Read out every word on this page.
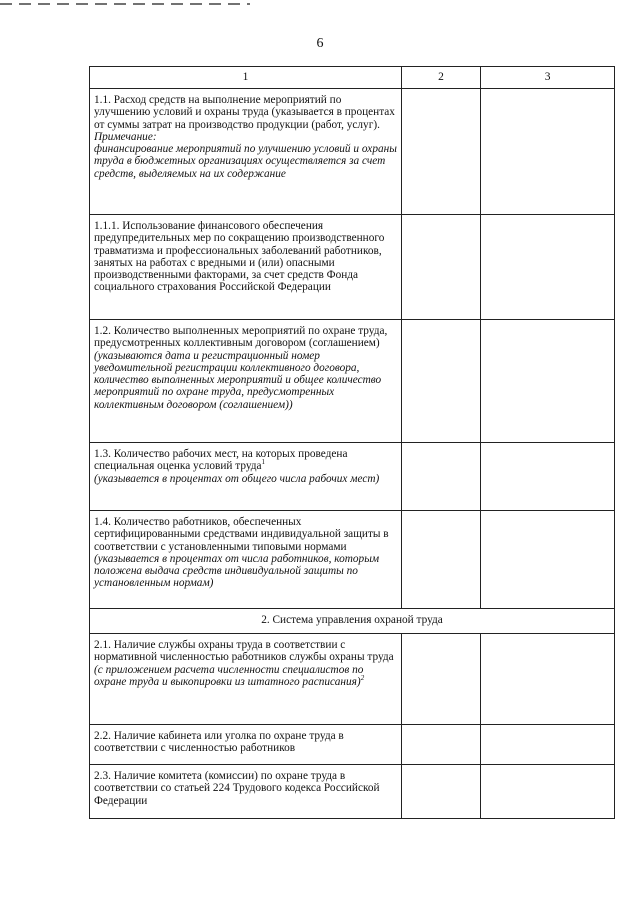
6
1	2	3

1.1. Расход средств на выполнение мероприятий по улучшению условий и охраны труда (указывается в процентах от суммы затрат на производство продукции (работ, услуг).
Примечание:
финансирование мероприятий по улучшению условий и охраны труда в бюджетных организациях осуществляется за счет средств, выделяемых на их содержание		

1.1.1. Использование финансового обеспечения предупредительных мер по сокращению производственного травматизма и профессиональных заболеваний работников, занятых на работах с вредными и (или) опасными производственными факторами, за счет средств Фонда социального страхования Российской Федерации		

1.2. Количество выполненных мероприятий по охране труда, предусмотренных коллективным договором (соглашением)
(указываются дата и регистрационный номер уведомительной регистрации коллективного договора, количество выполненных мероприятий и общее количество мероприятий по охране труда, предусмотренных коллективным договором (соглашением))		

1.3. Количество рабочих мест, на которых проведена специальная оценка условий труда$^1$
(указывается в процентах от общего числа рабочих мест)		

1.4. Количество работников, обеспеченных сертифицированными средствами индивидуальной защиты в соответствии с установленными типовыми нормами
(указывается в процентах от числа работников, которым положена выдача средств индивидуальной защиты по установленным нормам)		

2. Система управления охраной труда		

2.1. Наличие службы охраны труда в соответствии с нормативной численностью работников службы охраны труда
(с приложением расчета численности специалистов по охране труда и выкопировки из штатного расписания)$^2$

2.2. Наличие кабинета или уголка по охране труда в соответствии с численностью работников		

2.3. Наличие комитета (комиссии) по охране труда в соответствии со статьей 224 Трудового кодекса Российской Федерации		
